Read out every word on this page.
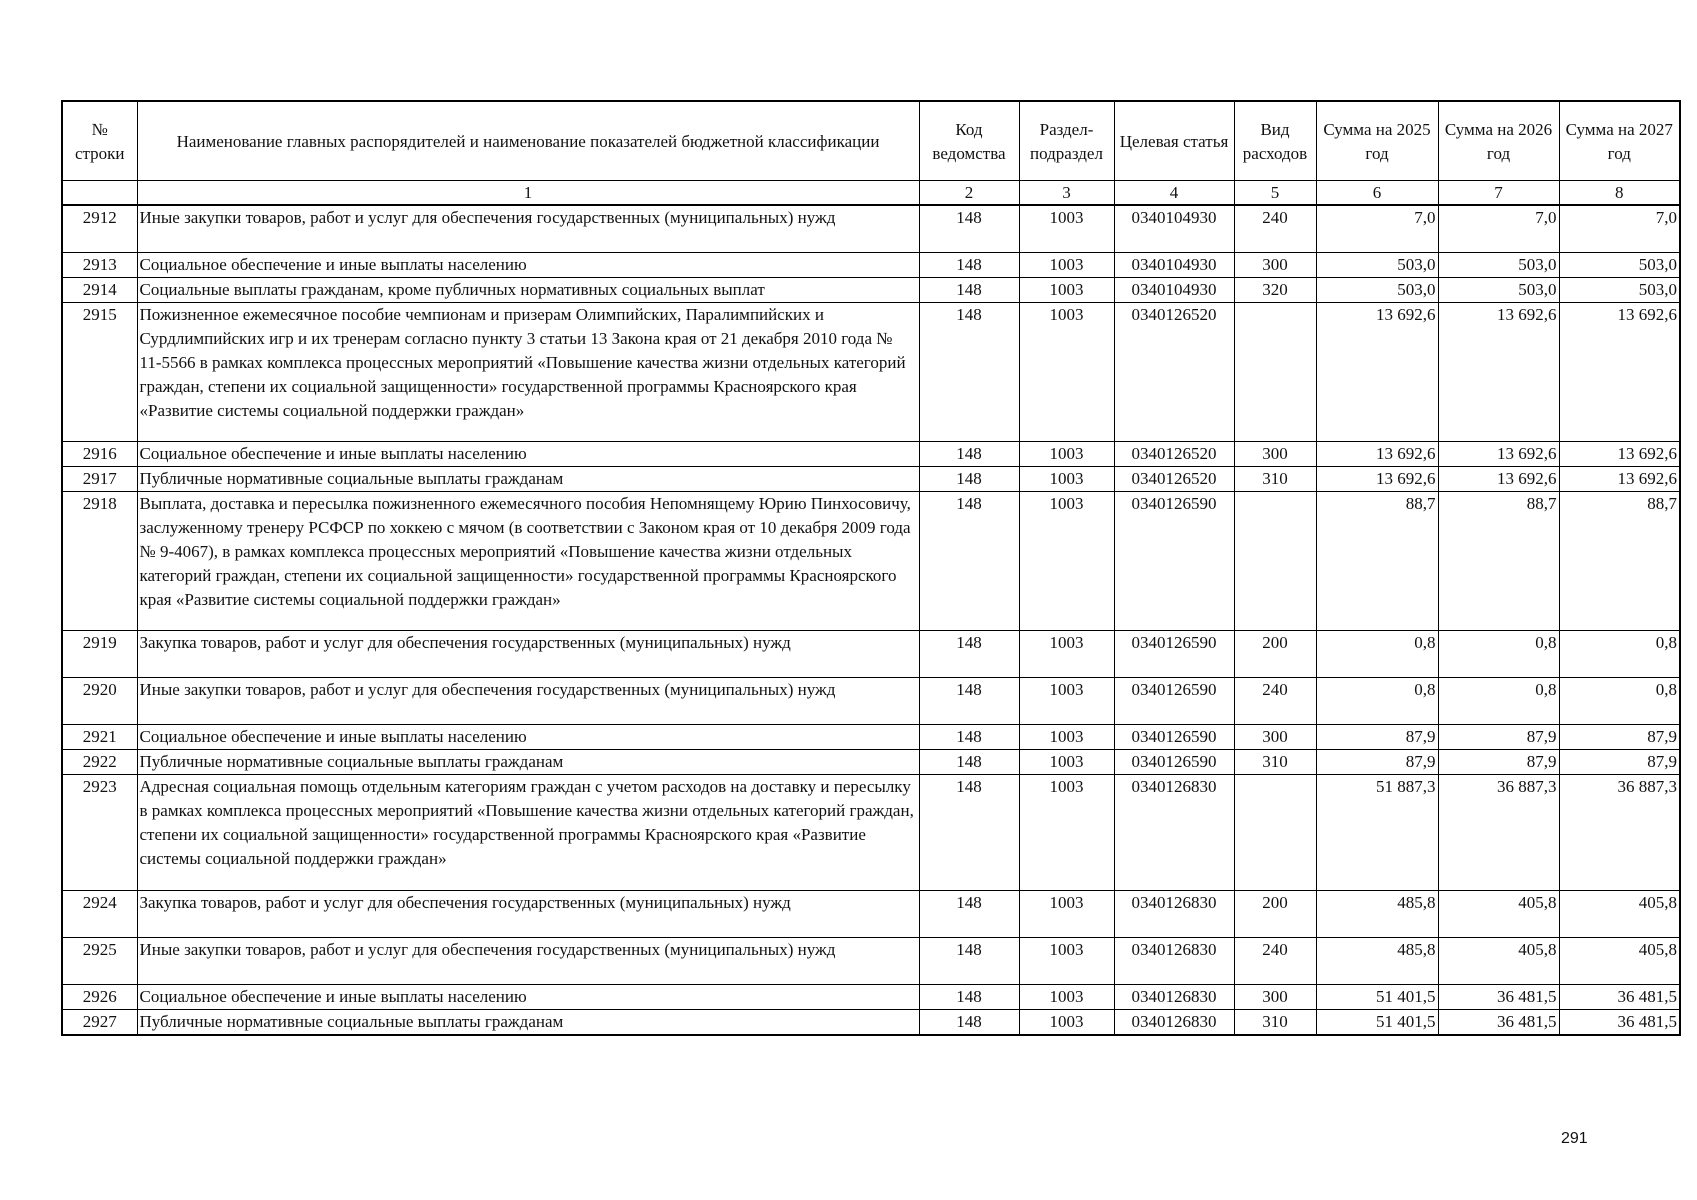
№ строки	Наименование главных распорядителей и наименование показателей бюджетной классификации	Код ведомства	Раздел-подраздел	Целевая статья	Вид расходов	Сумма на 2025 год	Сумма на 2026 год	Сумма на 2027 год
	1	2	3	4	5	6	7	8
2912	Иные закупки товаров, работ и услуг для обеспечения государственных (муниципальных) нужд	148	1003	0340104930	240	7,0	7,0	7,0
2913	Социальное обеспечение и иные выплаты населению	148	1003	0340104930	300	503,0	503,0	503,0
2914	Социальные выплаты гражданам, кроме публичных нормативных социальных выплат	148	1003	0340104930	320	503,0	503,0	503,0
2915	Пожизненное ежемесячное пособие чемпионам и призерам Олимпийских, Паралимпийских и Сурдлимпийских игр и их тренерам согласно пункту 3 статьи 13 Закона края от 21 декабря 2010 года № 11-5566 в рамках комплекса процессных мероприятий «Повышение качества жизни отдельных категорий граждан, степени их социальной защищенности» государственной программы Красноярского края «Развитие системы социальной поддержки граждан»	148	1003	0340126520		13 692,6	13 692,6	13 692,6
2916	Социальное обеспечение и иные выплаты населению	148	1003	0340126520	300	13 692,6	13 692,6	13 692,6
2917	Публичные нормативные социальные выплаты гражданам	148	1003	0340126520	310	13 692,6	13 692,6	13 692,6
2918	Выплата, доставка и пересылка пожизненного ежемесячного пособия Непомнящему Юрию Пинхосовичу, заслуженному тренеру РСФСР по хоккею с мячом (в соответствии с Законом края от 10 декабря 2009 года № 9-4067), в рамках комплекса процессных мероприятий «Повышение качества жизни отдельных категорий граждан, степени их социальной защищенности» государственной программы Красноярского края «Развитие системы социальной поддержки граждан»	148	1003	0340126590		88,7	88,7	88,7
2919	Закупка товаров, работ и услуг для обеспечения государственных (муниципальных) нужд	148	1003	0340126590	200	0,8	0,8	0,8
2920	Иные закупки товаров, работ и услуг для обеспечения государственных (муниципальных) нужд	148	1003	0340126590	240	0,8	0,8	0,8
2921	Социальное обеспечение и иные выплаты населению	148	1003	0340126590	300	87,9	87,9	87,9
2922	Публичные нормативные социальные выплаты гражданам	148	1003	0340126590	310	87,9	87,9	87,9
2923	Адресная социальная помощь отдельным категориям граждан с учетом расходов на доставку и пересылку в рамках комплекса процессных мероприятий «Повышение качества жизни отдельных категорий граждан, степени их социальной защищенности» государственной программы Красноярского края «Развитие системы социальной поддержки граждан»	148	1003	0340126830		51 887,3	36 887,3	36 887,3
2924	Закупка товаров, работ и услуг для обеспечения государственных (муниципальных) нужд	148	1003	0340126830	200	485,8	405,8	405,8
2925	Иные закупки товаров, работ и услуг для обеспечения государственных (муниципальных) нужд	148	1003	0340126830	240	485,8	405,8	405,8
2926	Социальное обеспечение и иные выплаты населению	148	1003	0340126830	300	51 401,5	36 481,5	36 481,5
2927	Публичные нормативные социальные выплаты гражданам	148	1003	0340126830	310	51 401,5	36 481,5	36 481,5
291
